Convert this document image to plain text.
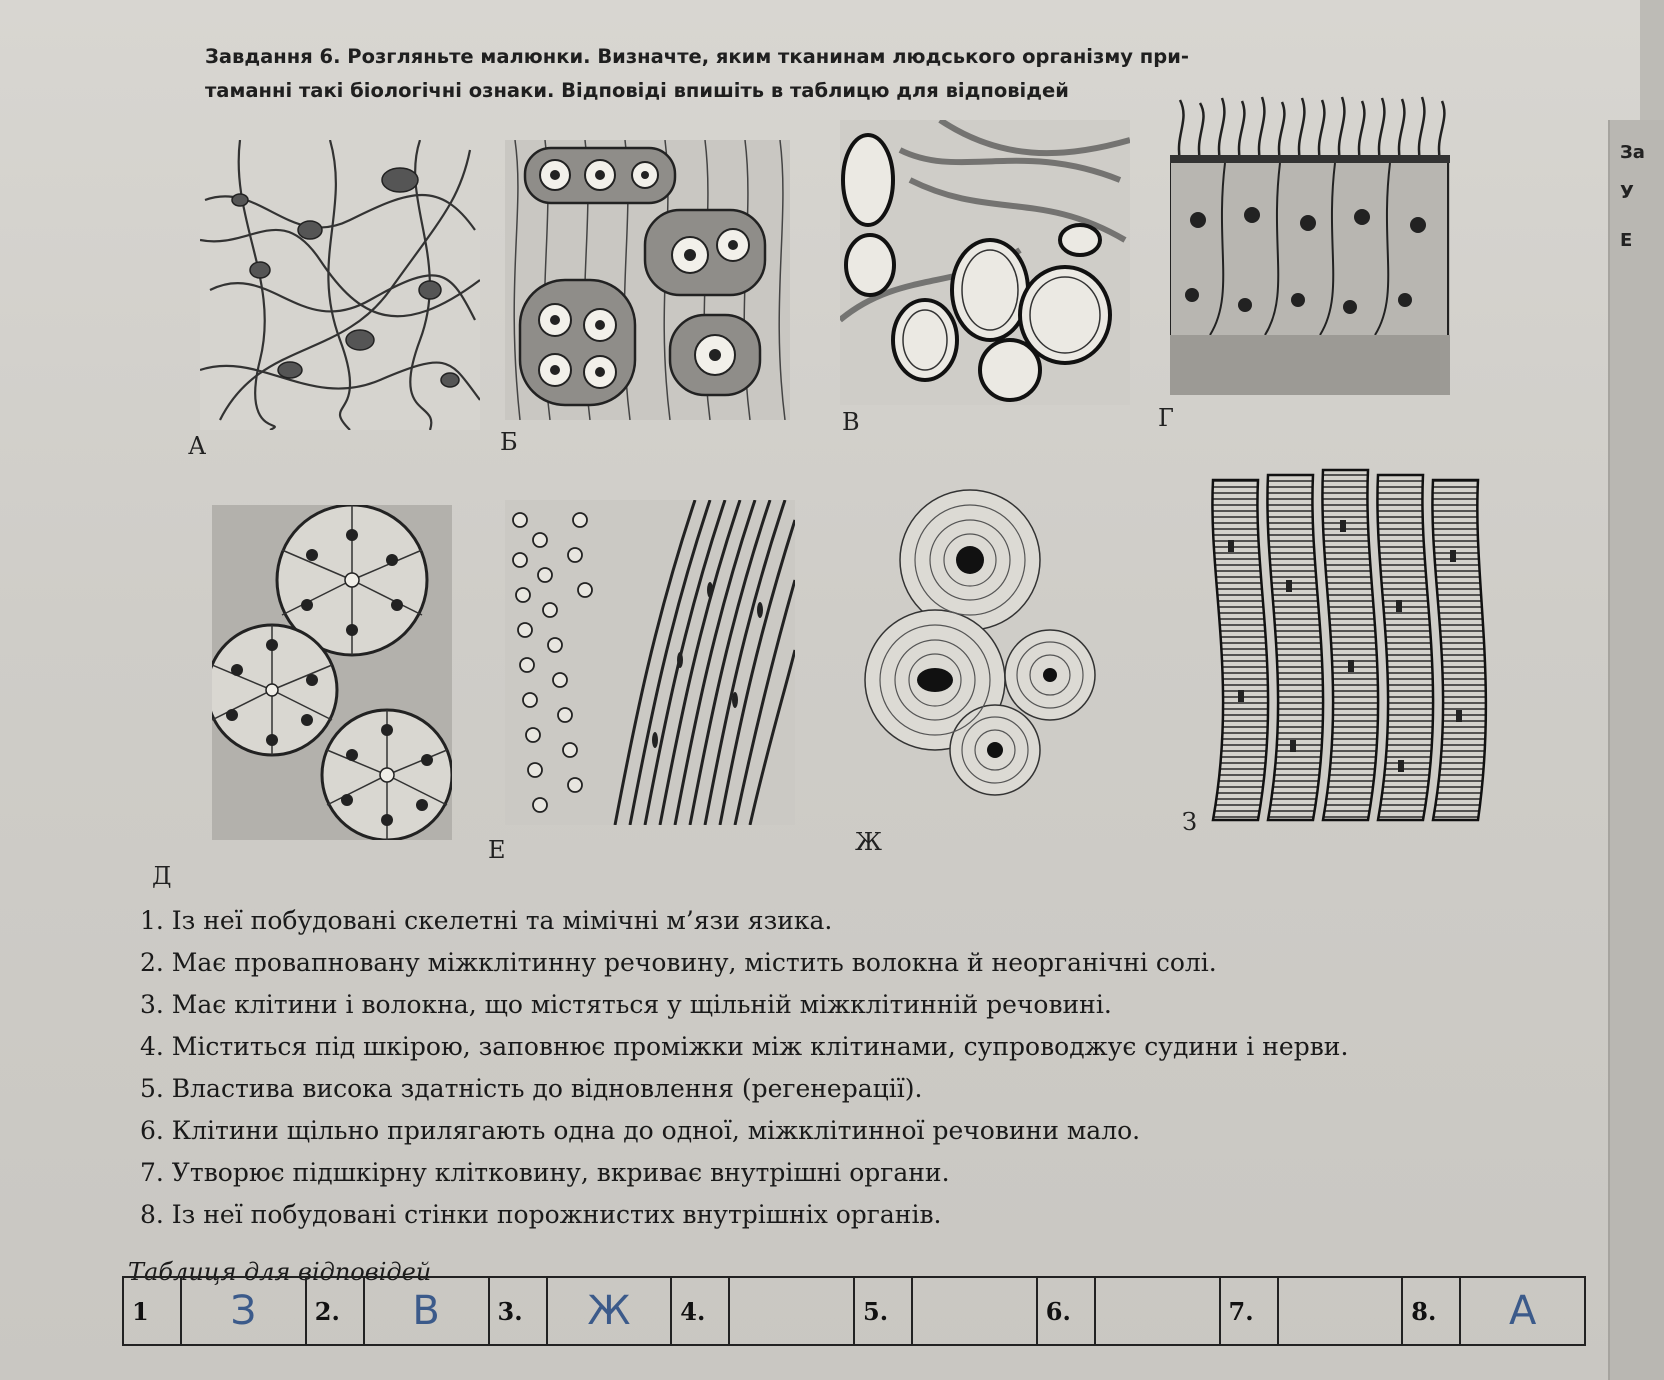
За
У
Е
Завдання 6. Розгляньте малюнки. Визначте, яким тканинам людського організму при-
таманні такі біологічні ознаки. Відповіді впишіть в таблицю для відповідей
А	Б
В	Г
Д
Е	Ж
З
1. Із неї побудовані скелетні та мімічні м’язи язика.
2. Має провапновану міжклітинну речовину, містить волокна й неорганічні солі.
3. Має клітини і волокна, що містяться у щільній міжклітинній речовині.
4. Міститься під шкірою, заповнює проміжки між клітинами, супроводжує судини і нерви.
5. Властива висока здатність до відновлення (регенерації).
6. Клітини щільно прилягають одна до одної, міжклітинної речовини мало.
7. Утворює підшкірну клітковину, вкриває внутрішні органи.
8. Із неї побудовані стінки порожнистих внутрішніх органів.
Таблиця для відповідей
1	З	2.	В	3.	Ж	4.		5.		6.		7.		8.	А
